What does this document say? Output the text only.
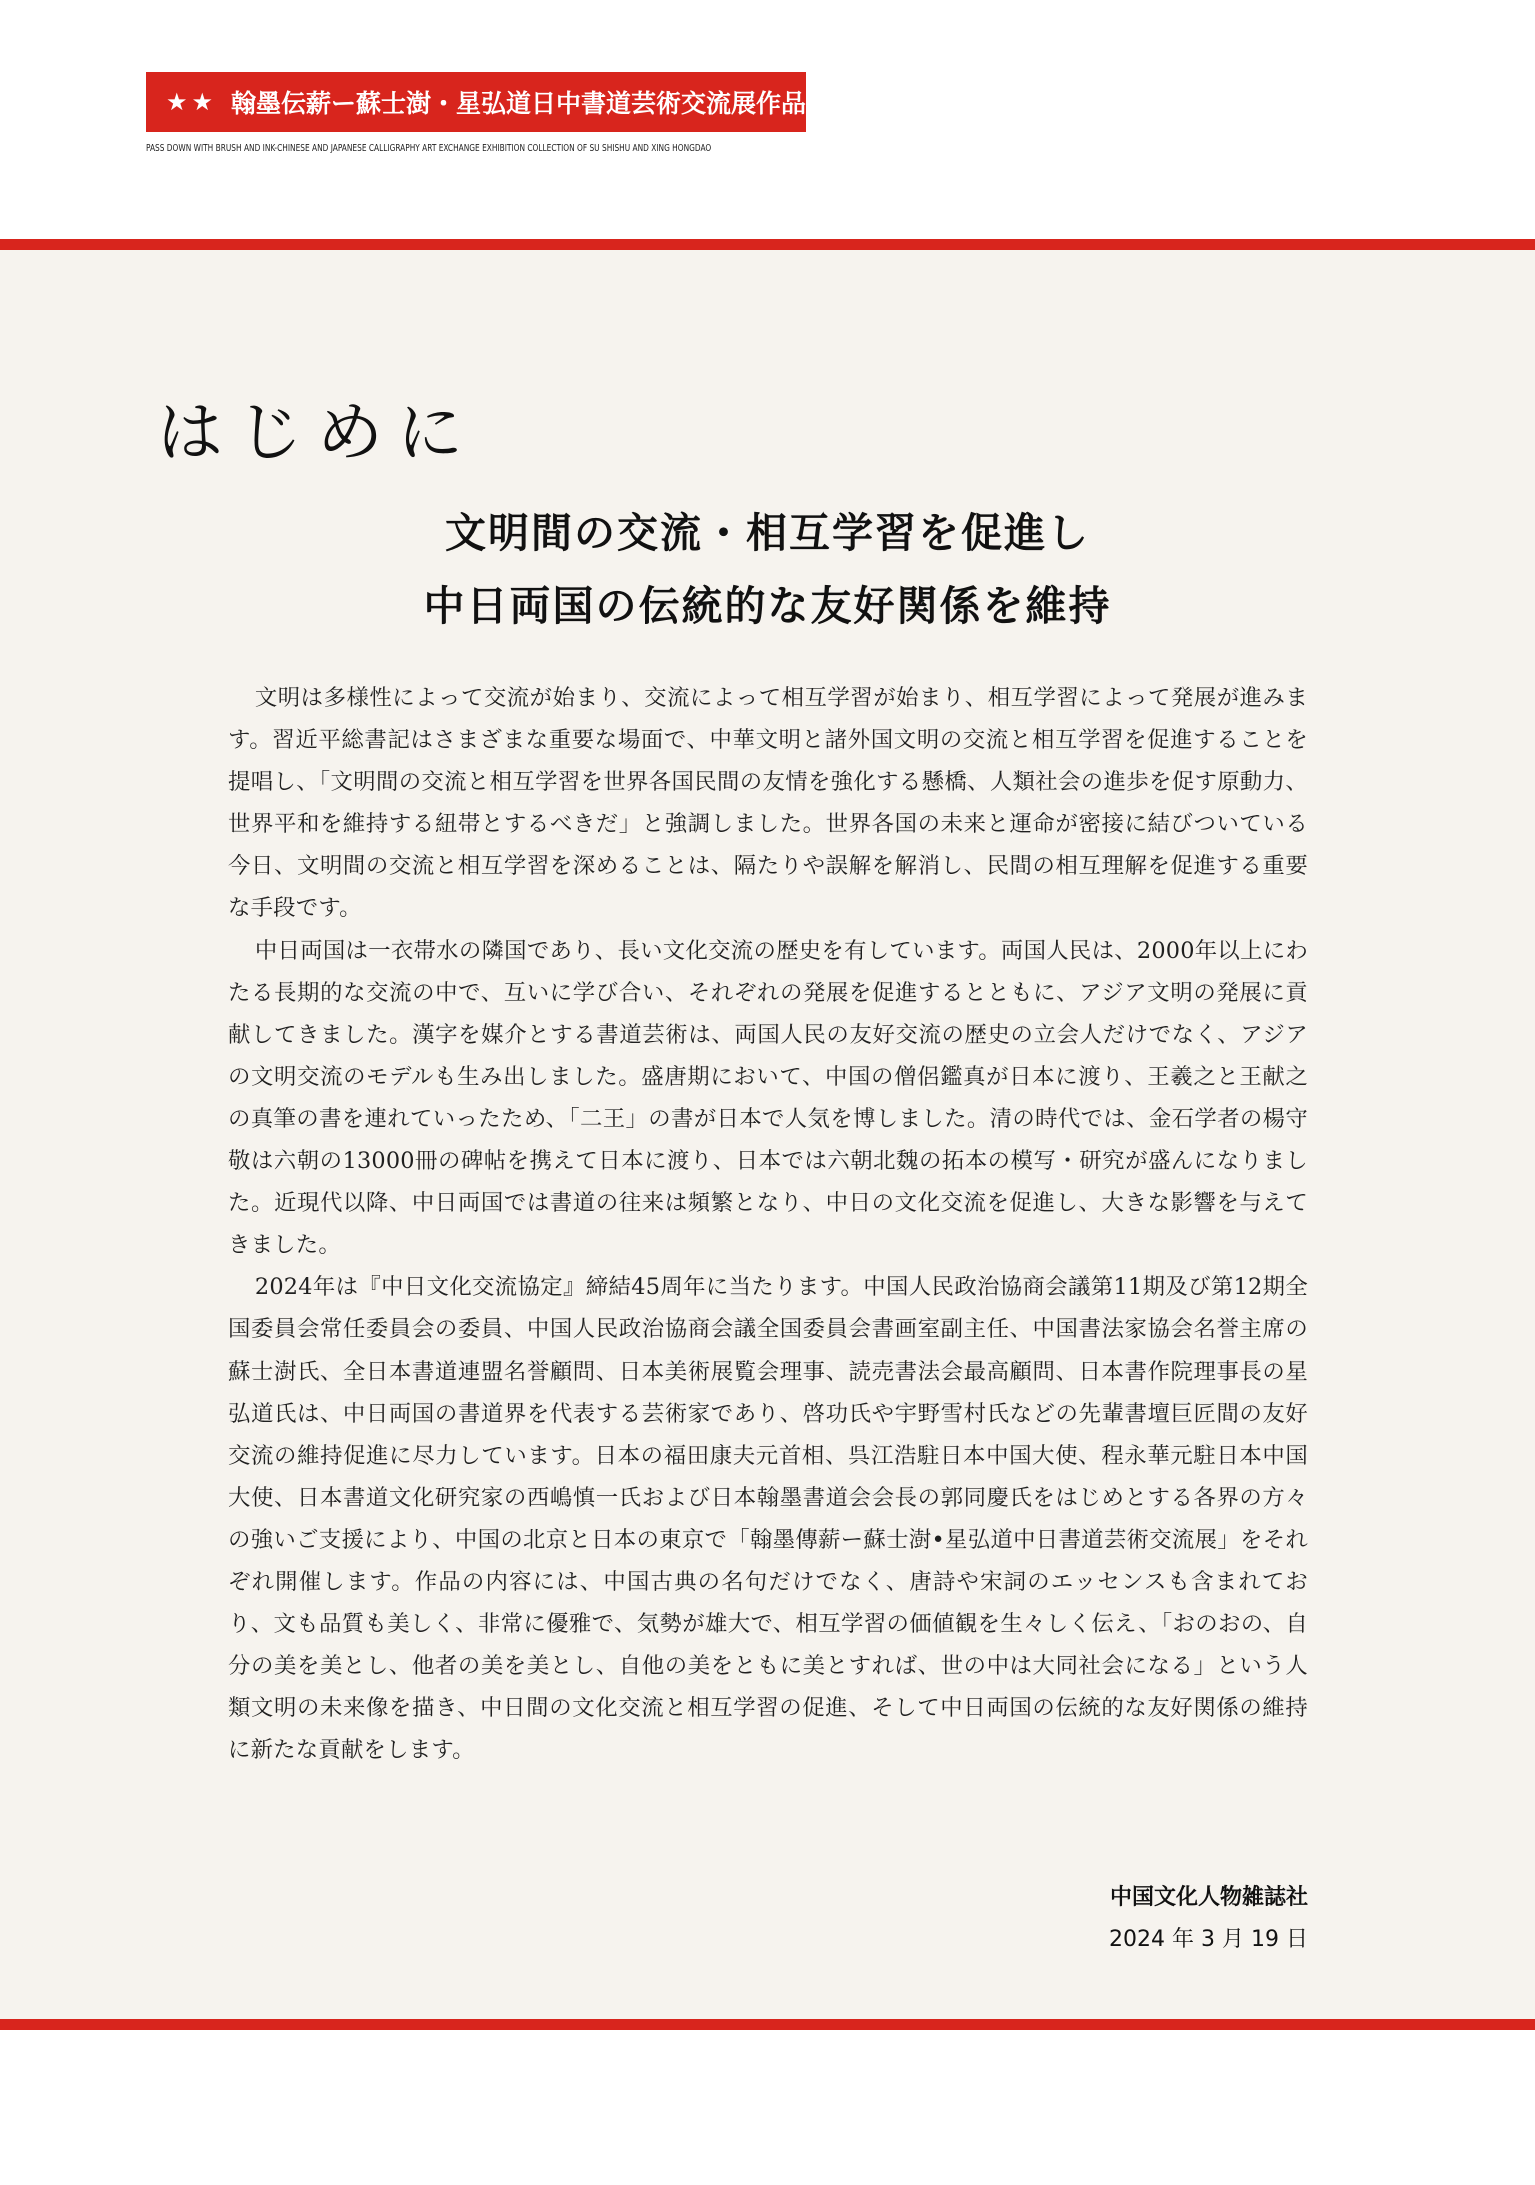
★★ 翰墨伝薪ー蘇士澍・星弘道日中書道芸術交流展作品集
PASS DOWN WITH BRUSH AND INK-CHINESE AND JAPANESE CALLIGRAPHY ART EXCHANGE EXHIBITION COLLECTION OF SU SHISHU AND XING HONGDAO
はじめに
文明間の交流・相互学習を促進し
中日両国の伝統的な友好関係を維持

文明は多様性によって交流が始まり、交流によって相互学習が始まり、相互学習によって発展が進みます。習近平総書記はさまざまな重要な場面で、中華文明と諸外国文明の交流と相互学習を促進することを提唱し、「文明間の交流と相互学習を世界各国民間の友情を強化する懸橋、人類社会の進歩を促す原動力、世界平和を維持する紐帯とするべきだ」と強調しました。世界各国の未来と運命が密接に結びついている今日、文明間の交流と相互学習を深めることは、隔たりや誤解を解消し、民間の相互理解を促進する重要な手段です。

中日両国は一衣帯水の隣国であり、長い文化交流の歴史を有しています。両国人民は、2000年以上にわたる長期的な交流の中で、互いに学び合い、それぞれの発展を促進するとともに、アジア文明の発展に貢献してきました。漢字を媒介とする書道芸術は、両国人民の友好交流の歴史の立会人だけでなく、アジアの文明交流のモデルも生み出しました。盛唐期において、中国の僧侶鑑真が日本に渡り、王羲之と王献之の真筆の書を連れていったため、「二王」の書が日本で人気を博しました。清の時代では、金石学者の楊守敬は六朝の13000冊の碑帖を携えて日本に渡り、日本では六朝北魏の拓本の模写・研究が盛んになりました。近現代以降、中日両国では書道の往来は頻繁となり、中日の文化交流を促進し、大きな影響を与えてきました。

2024年は『中日文化交流協定』締結45周年に当たります。中国人民政治協商会議第11期及び第12期全国委員会常任委員会の委員、中国人民政治協商会議全国委員会書画室副主任、中国書法家協会名誉主席の蘇士澍氏、全日本書道連盟名誉顧問、日本美術展覧会理事、読売書法会最高顧問、日本書作院理事長の星弘道氏は、中日両国の書道界を代表する芸術家であり、啓功氏や宇野雪村氏などの先輩書壇巨匠間の友好交流の維持促進に尽力しています。日本の福田康夫元首相、呉江浩駐日本中国大使、程永華元駐日本中国大使、日本書道文化研究家の西嶋慎一氏および日本翰墨書道会会長の郭同慶氏をはじめとする各界の方々の強いご支援により、中国の北京と日本の東京で「翰墨傳薪ー蘇士澍•星弘道中日書道芸術交流展」をそれぞれ開催します。作品の内容には、中国古典の名句だけでなく、唐詩や宋詞のエッセンスも含まれており、文も品質も美しく、非常に優雅で、気勢が雄大で、相互学習の価値観を生々しく伝え、「おのおの、自分の美を美とし、他者の美を美とし、自他の美をともに美とすれば、世の中は大同社会になる」という人類文明の未来像を描き、中日間の文化交流と相互学習の促進、そして中日両国の伝統的な友好関係の維持に新たな貢献をします。

中国文化人物雑誌社
2024 年 3 月 19 日
